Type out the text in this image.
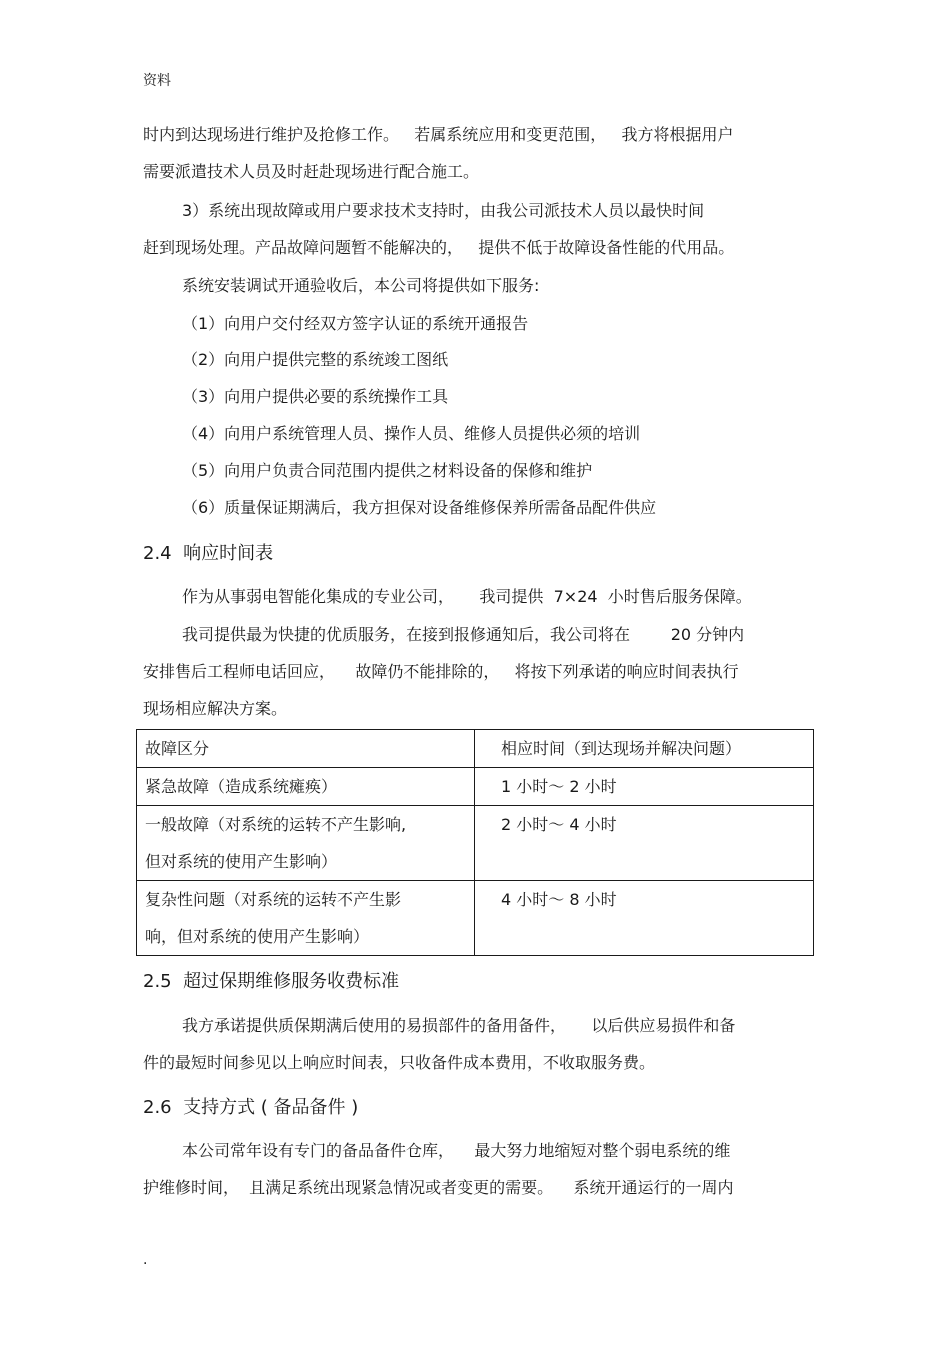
资料
时内到达现场进行维护及抢修工作。   若属系统应用和变更范围，   我方将根据用户
需要派遣技术人员及时赶赴现场进行配合施工。
3）系统出现故障或用户要求技术支持时，由我公司派技术人员以最快时间
赶到现场处理。产品故障问题暂不能解决的，   提供不低于故障设备性能的代用品。
系统安装调试开通验收后，本公司将提供如下服务:
（1）向用户交付经双方签字认证的系统开通报告
（2）向用户提供完整的系统竣工图纸
（3）向用户提供必要的系统操作工具
（4）向用户系统管理人员、操作人员、维修人员提供必须的培训
（5）向用户负责合同范围内提供之材料设备的保修和维护
（6）质量保证期满后，我方担保对设备维修保养所需备品配件供应
2.4  响应时间表
作为从事弱电智能化集成的专业公司，     我司提供  7×24  小时售后服务保障。
我司提供最为快捷的优质服务，在接到报修通知后，我公司将在        20 分钟内
安排售后工程师电话回应，    故障仍不能排除的，   将按下列承诺的响应时间表执行
现场相应解决方案。
故障区分	相应时间（到达现场并解决问题）

紧急故障（造成系统瘫痪）	1 小时～ 2 小时

一般故障（对系统的运转不产生影响,
但对系统的使用产生影响）	2 小时～ 4 小时

复杂性问题（对系统的运转不产生影
响，但对系统的使用产生影响）	4 小时～ 8 小时
2.5  超过保期维修服务收费标准
我方承诺提供质保期满后使用的易损部件的备用备件，     以后供应易损件和备
件的最短时间参见以上响应时间表，只收备件成本费用，不收取服务费。
2.6  支持方式 ( 备品备件 )
本公司常年设有专门的备品备件仓库，    最大努力地缩短对整个弱电系统的维
护维修时间，  且满足系统出现紧急情况或者变更的需要。    系统开通运行的一周内
.
